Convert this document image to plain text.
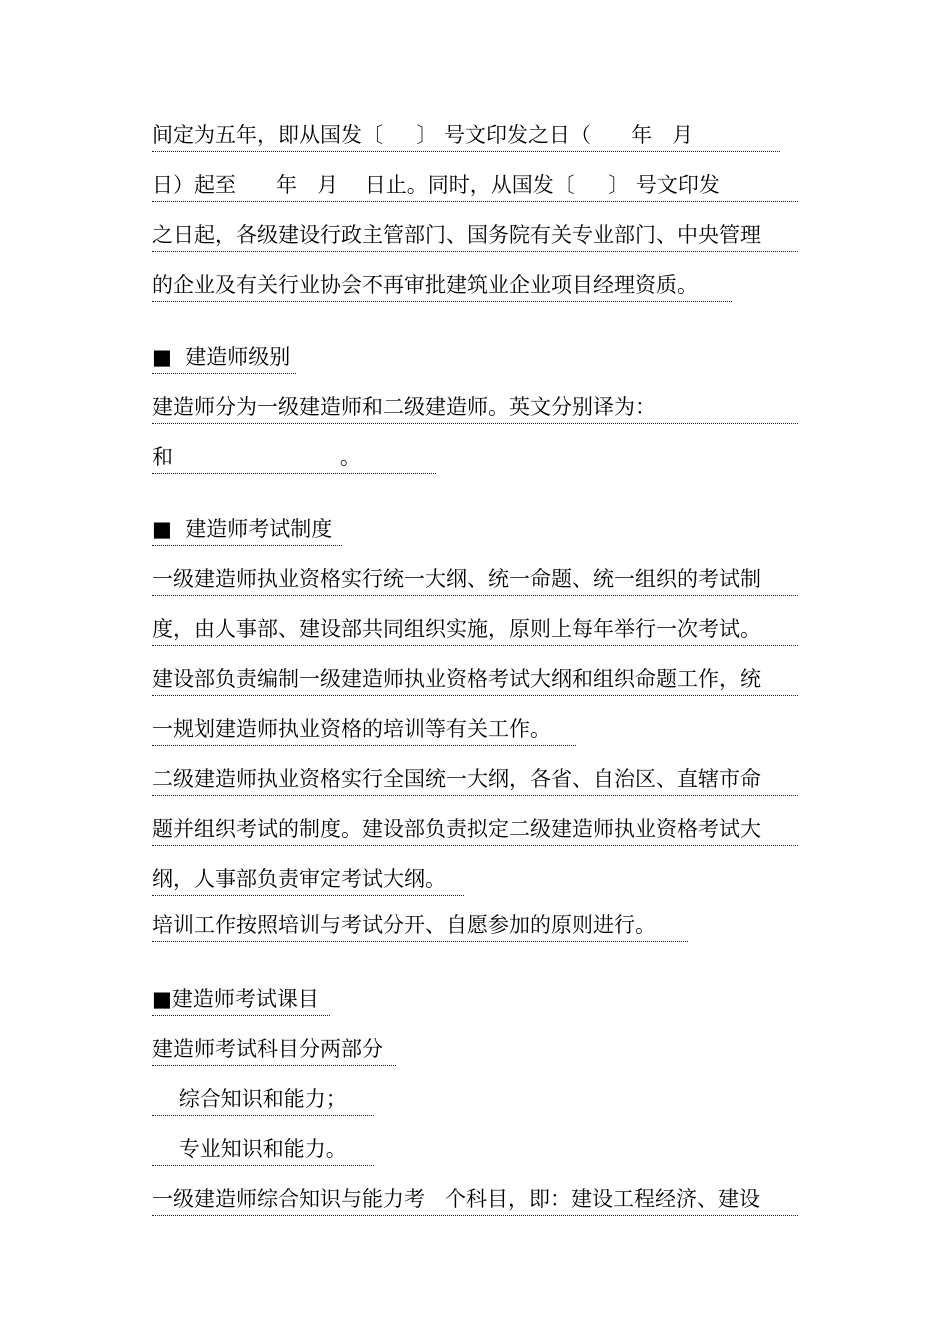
间定为五年，即从国发〔     〕 号文印发之日（      年   月
日）起至      年   月    日止。同时，从国发〔     〕 号文印发
之日起，各级建设行政主管部门、国务院有关专业部门、中央管理
的企业及有关行业协会不再审批建筑业企业项目经理资质。
■  建造师级别
建造师分为一级建造师和二级建造师。英文分别译为：
和                         。
■  建造师考试制度
一级建造师执业资格实行统一大纲、统一命题、统一组织的考试制
度，由人事部、建设部共同组织实施，原则上每年举行一次考试。
建设部负责编制一级建造师执业资格考试大纲和组织命题工作，统
一规划建造师执业资格的培训等有关工作。
二级建造师执业资格实行全国统一大纲，各省、自治区、直辖市命
题并组织考试的制度。建设部负责拟定二级建造师执业资格考试大
纲，人事部负责审定考试大纲。
培训工作按照培训与考试分开、自愿参加的原则进行。
■建造师考试课目
建造师考试科目分两部分
综合知识和能力；
专业知识和能力。
一级建造师综合知识与能力考   个科目，即：建设工程经济、建设
